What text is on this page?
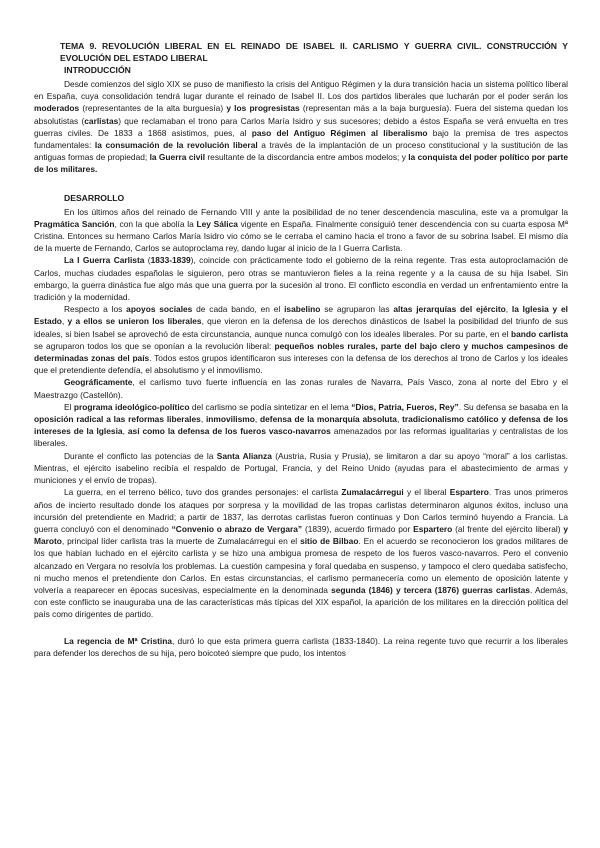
TEMA 9. REVOLUCIÓN LIBERAL EN EL REINADO DE ISABEL II. CARLISMO Y GUERRA CIVIL. CONSTRUCCIÓN Y EVOLUCIÓN DEL ESTADO LIBERAL
INTRODUCCIÓN

Desde comienzos del siglo XIX se puso de manifiesto la crisis del Antiguo Régimen y la dura transición hacia un sistema político liberal en España, cuya consolidación tendrá lugar durante el reinado de Isabel II. Los dos partidos liberales que lucharán por el poder serán los moderados (representantes de la alta burguesía) y los progresistas (representan más a la baja burguesía). Fuera del sistema quedan los absolutistas (carlistas) que reclamaban el trono para Carlos María Isidro y sus sucesores; debido a éstos España se verá envuelta en tres guerras civiles. De 1833 a 1868 asistimos, pues, al paso del Antiguo Régimen al liberalismo bajo la premisa de tres aspectos fundamentales: la consumación de la revolución liberal a través de la implantación de un proceso constitucional y la sustitución de las antiguas formas de propiedad; la Guerra civil resultante de la discordancia entre ambos modelos; y la conquista del poder político por parte de los militares.

DESARROLLO

En los últimos años del reinado de Fernando VIII y ante la posibilidad de no tener descendencia masculina, este va a promulgar la Pragmática Sanción, con la que abolía la Ley Sálica vigente en España. Finalmente consiguió tener descendencia con su cuarta esposa Mª Cristina. Entonces su hermano Carlos María Isidro vio cómo se le cerraba el camino hacia el trono a favor de su sobrina Isabel. El mismo día de la muerte de Fernando, Carlos se autoproclama rey, dando lugar al inicio de la I Guerra Carlista.

La I Guerra Carlista (1833-1839), coincide con prácticamente todo el gobierno de la reina regente. Tras esta autoproclamación de Carlos, muchas ciudades españolas le siguieron, pero otras se mantuvieron fieles a la reina regente y a la causa de su hija Isabel. Sin embargo, la guerra dinástica fue algo más que una guerra por la sucesión al trono. El conflicto escondía en verdad un enfrentamiento entre la tradición y la modernidad.

Respecto a los apoyos sociales de cada bando, en el isabelino se agruparon las altas jerarquías del ejército, la Iglesia y el Estado, y a ellos se unieron los liberales, que vieron en la defensa de los derechos dinásticos de Isabel la posibilidad del triunfo de sus ideales, si bien Isabel se aprovechó de esta circunstancia, aunque nunca comulgó con los ideales liberales. Por su parte, en el bando carlista se agruparon todos los que se oponían a la revolución liberal: pequeños nobles rurales, parte del bajo clero y muchos campesinos de determinadas zonas del país. Todos estos grupos identificaron sus intereses con la defensa de los derechos al trono de Carlos y los ideales que el pretendiente defendía, el absolutismo y el inmovilismo.

Geográficamente, el carlismo tuvo fuerte influencia en las zonas rurales de Navarra, País Vasco, zona al norte del Ebro y el Maestrazgo (Castellón).

El programa ideológico-político del carlismo se podía sintetizar en el lema “Dios, Patria, Fueros, Rey”. Su defensa se basaba en la oposición radical a las reformas liberales, inmovilismo, defensa de la monarquía absoluta, tradicionalismo católico y defensa de los intereses de la Iglesia, así como la defensa de los fueros vasco-navarros amenazados por las reformas igualitarias y centralistas de los liberales.

Durante el conflicto las potencias de la Santa Alianza (Austria, Rusia y Prusia), se limitaron a dar su apoyo “moral” a los carlistas. Mientras, el ejército isabelino recibía el respaldo de Portugal, Francia, y del Reino Unido (ayudas para el abastecimiento de armas y municiones y el envío de tropas).

La guerra, en el terreno bélico, tuvo dos grandes personajes: el carlista Zumalacárregui y el liberal Espartero. Tras unos primeros años de incierto resultado donde los ataques por sorpresa y la movilidad de las tropas carlistas determinaron algunos éxitos, incluso una incursión del pretendiente en Madrid; a partir de 1837, las derrotas carlistas fueron continuas y Don Carlos terminó huyendo a Francia. La guerra concluyó con el denominado “Convenio o abrazo de Vergara” (1839), acuerdo firmado por Espartero (al frente del ejército liberal) y Maroto, principal líder carlista tras la muerte de Zumalacárregui en el sitio de Bilbao. En el acuerdo se reconocieron los grados militares de los que habían luchado en el ejército carlista y se hizo una ambigua promesa de respeto de los fueros vasco-navarros. Pero el convenio alcanzado en Vergara no resolvía los problemas. La cuestión campesina y foral quedaba en suspenso, y tampoco el clero quedaba satisfecho, ni mucho menos el pretendiente don Carlos. En estas circunstancias, el carlismo permanecería como un elemento de oposición latente y volvería a reaparecer en épocas sucesivas, especialmente en la denominada segunda (1846) y tercera (1876) guerras carlistas. Además, con este conflicto se inauguraba una de las características más típicas del XIX español, la aparición de los militares en la dirección política del país como dirigentes de partido.

La regencia de Mª Cristina, duró lo que esta primera guerra carlista (1833-1840). La reina regente tuvo que recurrir a los liberales para defender los derechos de su hija, pero boicoteó siempre que pudo, los intentos
